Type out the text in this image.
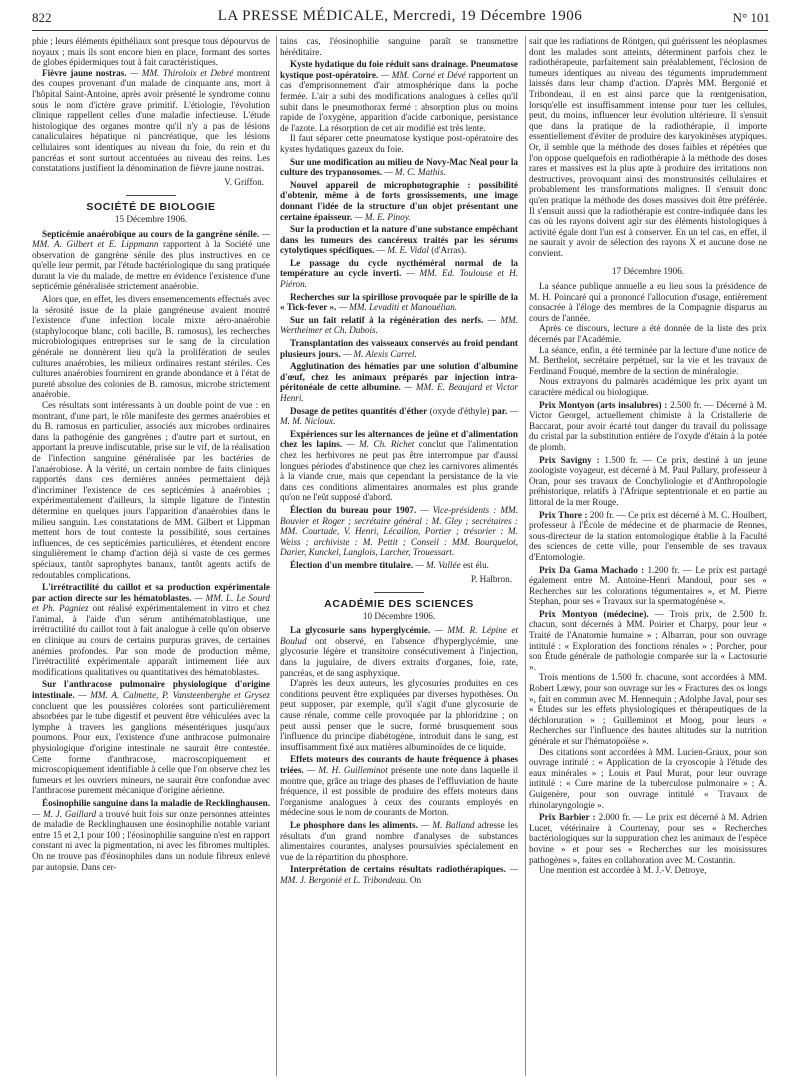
822	LA PRESSE MÉDICALE, Mercredi, 19 Décembre 1906	N° 101

phie ; leurs éléments épithéliaux sont presque tous dépourvus de noyaux ; mais ils sont encore bien en place, formant des sortes de globes épidermiques tout à fait caractéristiques.

Fièvre jaune nostras. — MM. Thiroloix et Debré montrent des coupes provenant d'un malade de cinquante ans, mort à l'hôpital Saint-Antoine, après avoir présenté le syndrome connu sous le nom d'ictère grave primitif. L'étiologie, l'évolution clinique rappellent celles d'une maladie infectieuse. L'étude histologique des organes montre qu'il n'y a pas de lésions canaliculaires hépatique ni pancréatique, que les lésions cellulaires sont identiques au niveau du foie, du rein et du pancréas et sont surtout accentuées au niveau des reins. Les constatations justifient la dénomination de fièvre jaune nostras.

V. Griffon.
SOCIÉTÉ DE BIOLOGIE
15 Décembre 1906.

Septicémie anaérobique au cours de la gangrène sénile. — MM. A. Gilbert et E. Lippmann rapportent à la Société une observation de gangrène sénile des plus instructives en ce qu'elle leur permit, par l'étude bactériologique du sang pratiquée durant la vie du malade, de mettre en évidence l'existence d'une septicémie généralisée strictement anaérobie.

Alors que, en effet, les divers ensemencements effectués avec la sérosité issue de la plaie gangréneuse avaient montré l'existence d'une infection locale mixte aéro-anaérobie (staphylocoque blanc, coli bacille, B. ramosus), les recherches microbiologiques entreprises sur le sang de la circulation générale ne donnèrent lieu qu'à la prolifération de seules cultures anaérobies, les milieux ordinaires restant stériles. Ces cultures anaérobies fournirent en grande abondance et à l'état de pureté absolue des colonies de B. ramosus, microbe strictement anaérobie.

Ces résultats sont intéressants à un double point de vue : en montrant, d'une part, le rôle manifeste des germes anaérobies et du B. ramosus en particulier, associés aux microbes ordinaires dans la pathogénie des gangrènes ; d'autre part et surtout, en apportant la preuve indiscutable, prise sur le vif, de la réalisation de l'infection sanguine généralisée par les bactéries de l'anaérobiose. À la vérité, un certain nombre de faits cliniques rapportés dans ces dernières années permettaient déjà d'incriminer l'existence de ces septicémies à anaérobies ; expérimentalement d'ailleurs, la simple ligature de l'intestin détermine en quelques jours l'apparition d'anaérobies dans le milieu sanguin. Les constatations de MM. Gilbert et Lippman mettent hors de tout conteste la possibilité, sous certaines influences, de ces septicémies particulières, et étendent encore singulièrement le champ d'action déjà si vaste de ces germes spéciaux, tantôt saprophytes banaux, tantôt agents actifs de redoutables complications.

L'irrétractilité du caillot et sa production expérimentale par action directe sur les hématoblastes. — MM. L. Le Sourd et Ph. Pagniez ont réalisé expérimentalement in vitro et chez l'animal, à l'aide d'un sérum antihématoblastique, une irrétractilité du caillot tout à fait analogue à celle qu'on observe en clinique au cours de certains purpuras graves, de certaines anémies profondes. Par son mode de production même, l'irrétractilité expérimentale apparaît intimement liée aux modifications qualitatives ou quantitatives des hématoblastes.

Sur l'anthracose pulmonaire physiologique d'origine intestinale. — MM. A. Calmette, P. Vansteenberghe et Grysez concluent que les poussières colorées sont particulièrement absorbées par le tube digestif et peuvent être véhiculées avec la lymphe à travers les ganglions mésentériques jusqu'aux poumons. Pour eux, l'existence d'une anthracose pulmonaire physiologique d'origine intestinale ne saurait être contestée. Cette forme d'anthracose, macroscopiquement et microscopiquement identifiable à celle que l'on observe chez les fumeurs et les ouvriers mineurs, ne saurait être confondue avec l'anthracose purement mécanique d'origine aérienne.

Éosinophilie sanguine dans la maladie de Recklinghausen. — M. J. Gaillard a trouvé huit fois sur onze personnes atteintes de maladie de Recklinghausen une éosinophilie notable variant entre 15 et 2,1 pour 100 ; l'éosinophilie sanguine n'est en rapport constant ni avec la pigmentation, ni avec les fibromes multiples. On ne trouve pas d'éosinophiles dans un nodule fibreux enlevé par autopsie. Dans cer-

tains cas, l'éosinophilie sanguine paraît se transmettre héréditaire.

Kyste hydatique du foie réduit sans drainage. Pneumatose kystique post-opératoire. — MM. Corné et Dévé rapportent un cas d'emprisonnement d'air atmosphérique dans la poche fermée. L'air a subi des modifications analogues à celles qu'il subit dans le pneumothorax fermé : absorption plus ou moins rapide de l'oxygène, apparition d'acide carbonique, persistance de l'azote. La résorption de cet air modifié est très lente.

Il faut séparer cette pneumatose kystique post-opératoire des kystes hydatiques gazeux du foie.

Sur une modification au milieu de Novy-Mac Neal pour la culture des trypanosomes. — M. C. Mathis.

Nouvel appareil de microphotographie : possibilité d'obtenir, même à de forts grossissements, une image donnant l'idée de la structure d'un objet présentant une certaine épaisseur. — M. E. Pinoy.

Sur la production et la nature d'une substance empêchant dans les tumeurs des cancéreux traités par les sérums cytolytiques spécifiques. — M. E. Vidal (d'Arras).

Le passage du cycle nycthéméral normal de la température au cycle inverti. — MM. Ed. Toulouse et H. Piéron.

Recherches sur la spirillose provoquée par le spirille de la « Tick-fever ». — MM. Levaditi et Manouélian.

Sur un fait relatif à la régénération des nerfs. — MM. Wertheimer et Ch. Dubois.

Transplantation des vaisseaux conservés au froid pendant plusieurs jours. — M. Alexis Carrel.

Agglutination des hématies par une solution d'albumine d'œuf, chez les animaux préparés par injection intra-péritonéale de cette albumine. — MM. E. Beaujard et Victor Henri.

Dosage de petites quantités d'éther (oxyde d'éthyle) par. — M. M. Nicloux.

Expériences sur les alternances de jeûne et d'alimentation chez les lapins. — M. Ch. Richet conclut que l'alimentation chez les herbivores ne peut pas être interrompue par d'aussi longues périodes d'abstinence que chez les carnivores alimentés à la viande crue, mais que cependant la persistance de la vie dans ces conditions alimentaires anormales est plus grande qu'on ne l'eût supposé d'abord.

Élection du bureau pour 1907. — Vice-présidents : MM. Bouvier et Roger ; secrétaire général : M. Gley ; secrétaires : MM. Courtade, V. Henri, Lécaillon, Portier ; trésorier : M. Weiss ; archiviste : M. Pettit ; Conseil : MM. Bourquelot, Darier, Kunckel, Langlois, Larcher, Trouessart.

Élection d'un membre titulaire. — M. Vallée est élu.

P. Halbron.
ACADÉMIE DES SCIENCES
10 Décembre 1906.

La glycosurie sans hyperglycémie. — MM. R. Lépine et Boulud ont observé, en l'absence d'hyperglycémie, une glycosurie légère et transitoire consécutivement à l'injection, dans la jugulaire, de divers extraits d'organes, foie, rate, pancréas, et de sang asphyxique.

D'après les deux auteurs, les glycosuries produites en ces conditions peuvent être expliquées par diverses hypothèses. On peut supposer, par exemple, qu'il s'agit d'une glycosurie de cause rénale, comme celle provoquée par la phloridzine ; on peut aussi penser que le sucre, formé brusquement sous l'influence du principe diabétogène, introduit dans le sang, est insuffisamment fixé aux matières albuminoïdes de ce liquide.

Effets moteurs des courants de haute fréquence à phases triées. — M. H. Guilleminot présente une note dans laquelle il montre que, grâce au triage des phases de l'effluviation de haute fréquence, il est possible de produire des effets moteurs dans l'organisme analogues à ceux des courants employés en médecine sous le nom de courants de Morton.

Le phosphore dans les aliments. — M. Balland adresse les résultats d'un grand nombre d'analyses de substances alimentaires courantes, analyses poursuivies spécialement en vue de la répartition du phosphore.

Interprétation de certains résultats radiothérapiques. — MM. J. Bergonié et L. Tribondeau. On

sait que les radiations de Röntgen, qui guérissent les néoplasmes dont les malades sont atteints, déterminent parfois chez le radiothérapeute, parfaitement sain préalablement, l'éclosion de tumeurs identiques au niveau des téguments imprudemment laissés dans leur champ d'action. D'après MM. Bergonié et Tribondeau, il en est ainsi parce que la rœntgenisation, lorsqu'elle est insuffisamment intense pour tuer les cellules, peut, du moins, influencer leur évolution ultérieure. Il s'ensuit que dans la pratique de la radiothérapie, il importe essentiellement d'éviter de produire des karyokinèses atypiques. Or, il semble que la méthode des doses faibles et répétées que l'on oppose quelquefois en radiothérapie à la méthode des doses rares et massives est la plus apte à produire des irritations non destructives, provoquant ainsi des monstruosités cellulaires et probablement les transformations malignes. Il s'ensuit donc qu'en pratique la méthode des doses massives doit être préférée. Il s'ensuit aussi que la radiothérapie est contre-indiquée dans les cas où les rayons doivent agir sur des éléments histologiques à activité égale dont l'un est à conserver. En un tel cas, en effet, il ne saurait y avoir de sélection des rayons X et aucune dose ne convient.

17 Décembre 1906.

La séance publique annuelle a eu lieu sous la présidence de M. H. Poincaré qui a prononcé l'allocution d'usage, entièrement consacrée à l'éloge des membres de la Compagnie disparus au cours de l'année.

Après ce discours, lecture a été donnée de la liste des prix décernés par l'Académie.

La séance, enfin, a été terminée par la lecture d'une notice de M. Berthelot, secrétaire perpétuel, sur la vie et les travaux de Ferdinand Fouqué, membre de la section de minéralogie.

Nous extrayons du palmarès académique les prix ayant un caractère médical ou biologique.

Prix Montyon (arts insalubres) : 2.500 fr. — Décerné à M. Victor Georgel, actuellement chimiste à la Cristallerie de Baccarat, pour avoir écarté tout danger du travail du polissage du cristal par la substitution entière de l'oxyde d'étain à la potée de plomb.

Prix Savigny : 1.500 fr. — Ce prix, destiné à un jeune zoologiste voyageur, est décerné à M. Paul Pallary, professeur à Oran, pour ses travaux de Conchyliologie et d'Anthropologie préhistorique, relatifs à l'Afrique septentrionale et en partie au littoral de la mer Rouge.

Prix Thore : 200 fr. — Ce prix est décerné à M. C. Houlbert, professeur à l'École de médecine et de pharmacie de Rennes, sous-directeur de la station entomologique établie à la Faculté des sciences de cette ville, pour l'ensemble de ses travaux d'Entomologie.

Prix Da Gama Machado : 1.200 fr. — Le prix est partagé également entre M. Antoine-Henri Mandoul, pour ses « Recherches sur les colorations tégumentaires », et M. Pierre Stephan, pour ses « Travaux sur la spermatogénèse ».

Prix Montyon (médecine). — Trois prix, de 2.500 fr. chacun, sont décernés à MM. Poirier et Charpy, pour leur « Traité de l'Anatomie humaine » ; Albarran, pour son ouvrage intitulé : « Exploration des fonctions rénales » ; Porcher, pour son Étude générale de pathologie comparée sur la « Lactosurie ».

Trois mentions de 1.500 fr. chacune, sont accordées à MM. Robert Lœwy, pour son ouvrage sur les « Fractures des os longs », fait en commun avec M. Hennequin ; Adolphe Javal, pour ses « Études sur les effets physiologiques et thérapeutiques de la déchloruration » ; Guilleminot et Moog, pour leurs « Recherches sur l'influence des hautes altitudes sur la nutrition générale et sur l'hématopoïèse ».

Des citations sont accordées à MM. Lucien-Graux, pour son ouvrage intitulé : « Application de la cryoscopie à l'étude des eaux minérales » ; Louis et Paul Murat, pour leur ouvrage intitulé : « Cure marine de la tuberculose pulmonaire » ; A. Guigenère, pour son ouvrage intitulé « Travaux de rhinolaryngologie ».

Prix Barbier : 2.000 fr. — Le prix est décerné à M. Adrien Lucet, vétérinaire à Courtenay, pour ses « Recherches bactériologiques sur la suppuration chez les animaux de l'espèce bovine » et pour ses « Recherches sur les moisissures pathogènes », faites en collaboration avec M. Costantin.

Une mention est accordée à M. J.-V. Detroye,
